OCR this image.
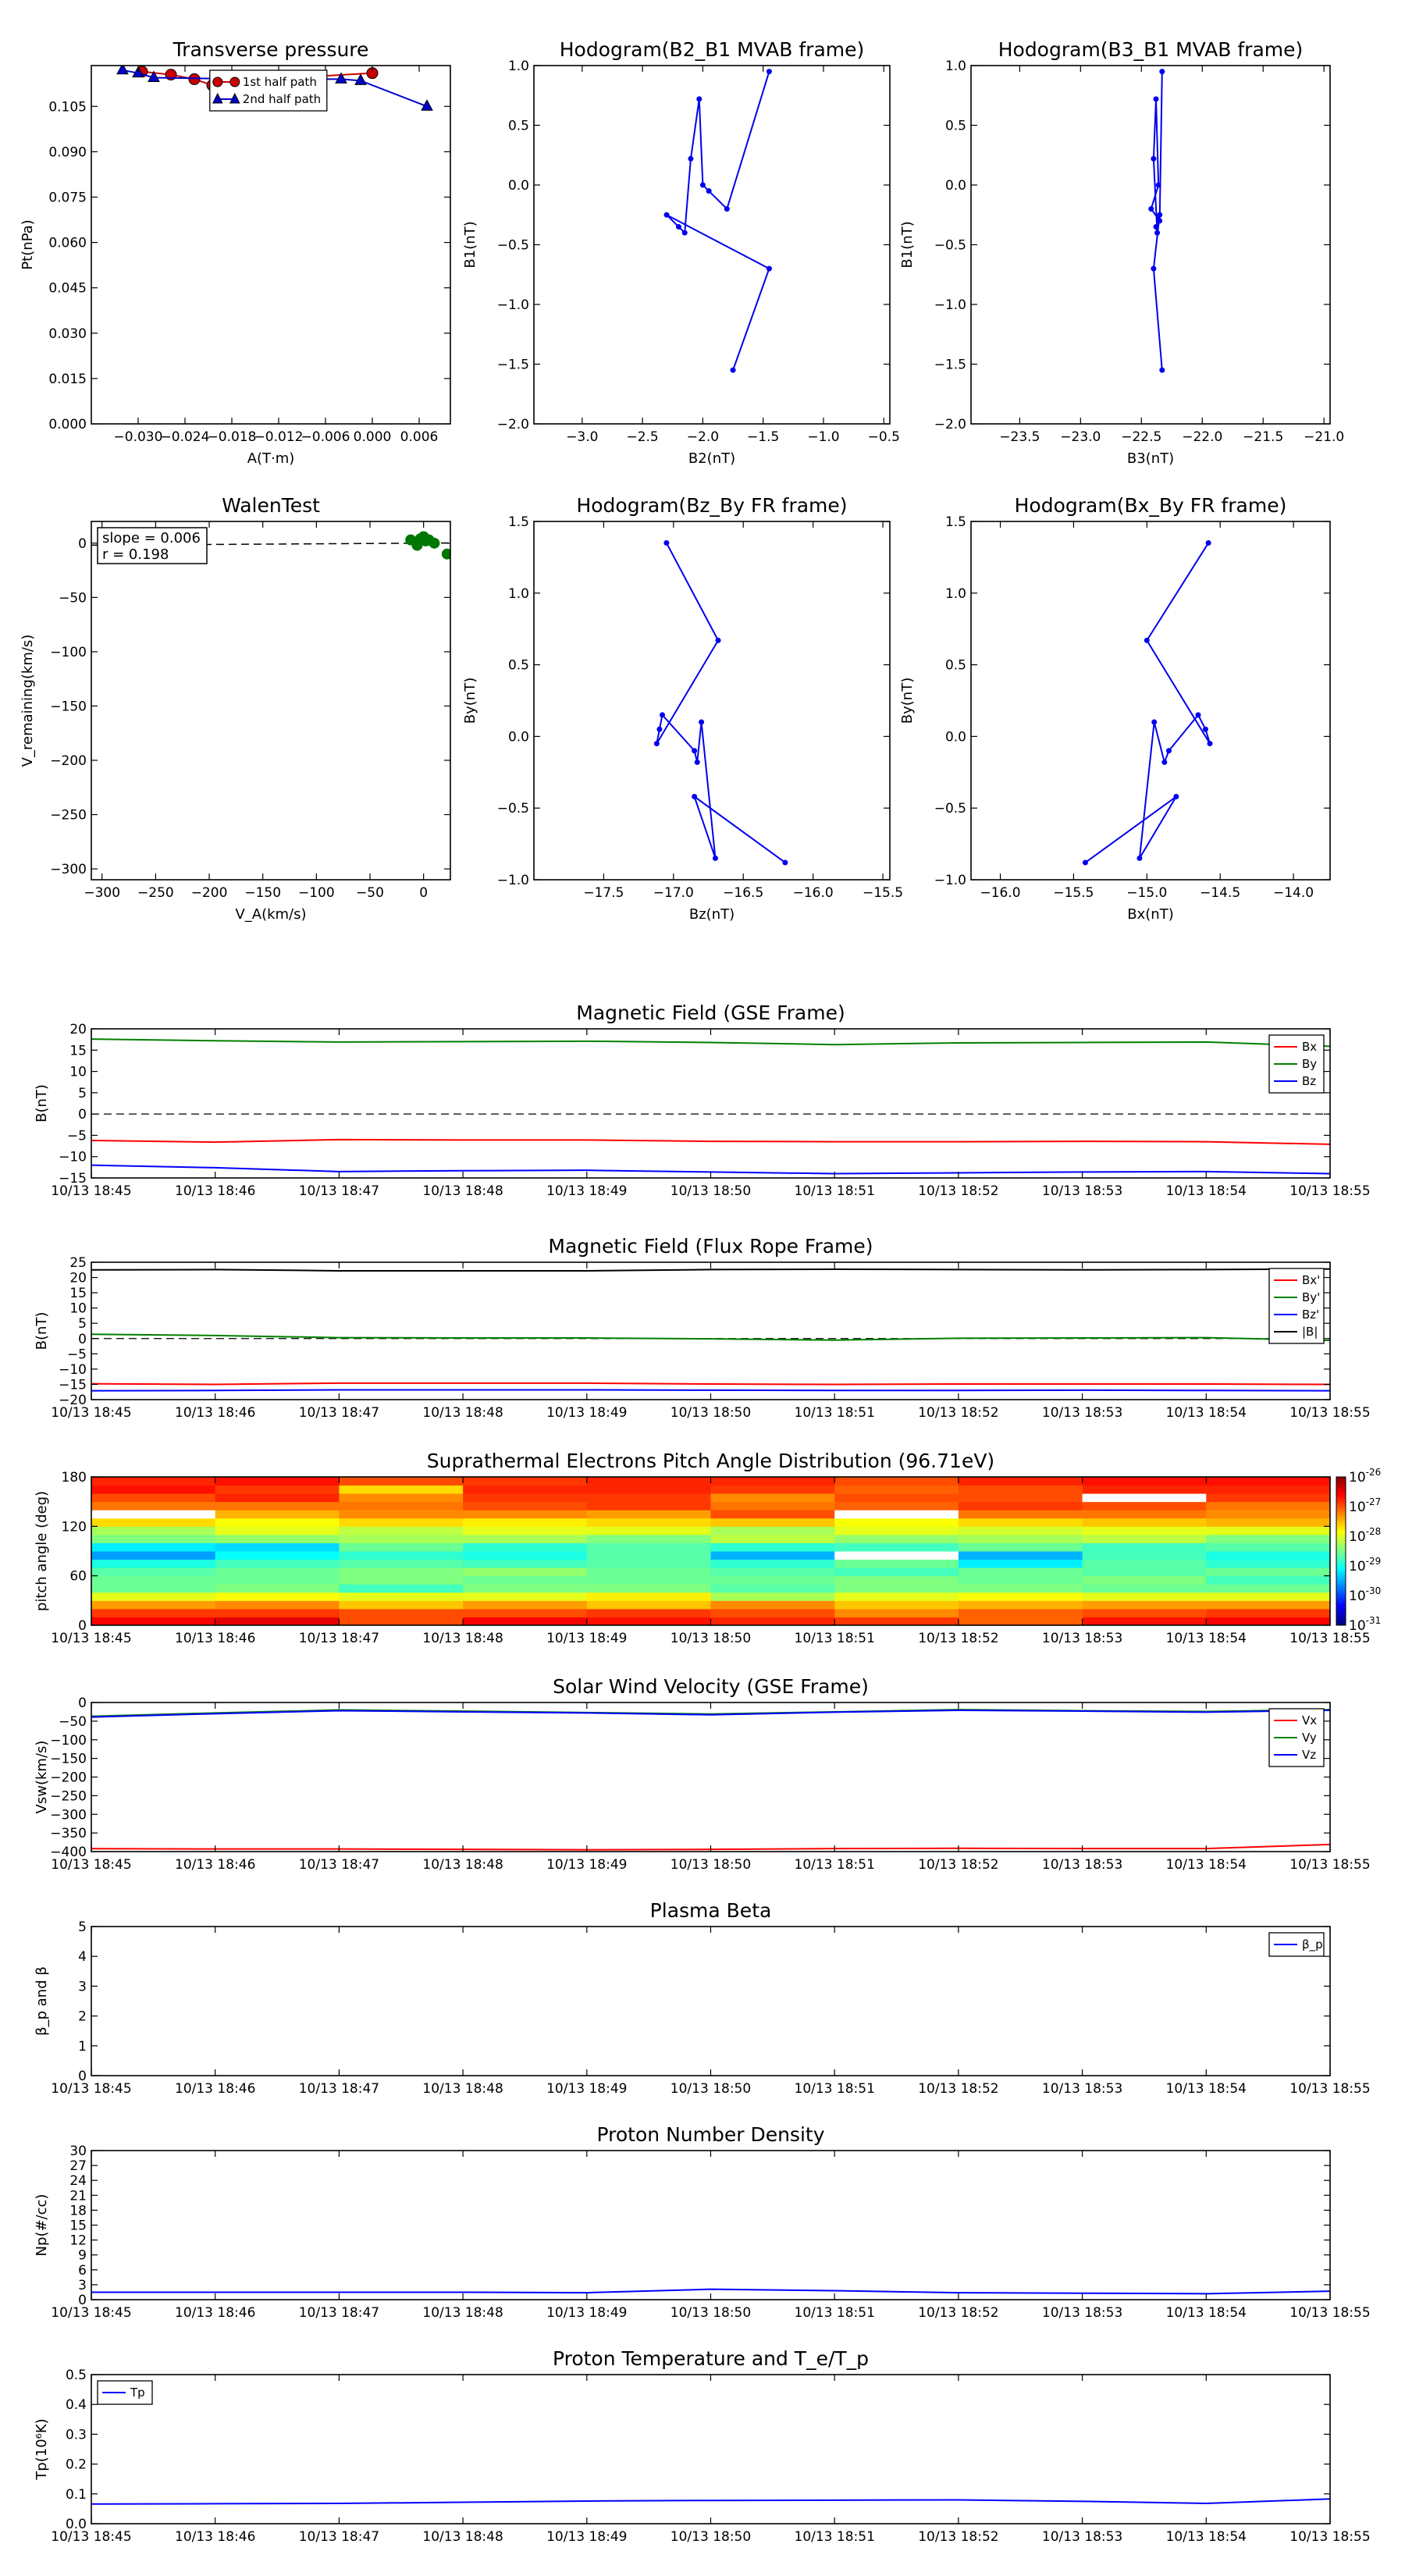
Transverse pressure
0.000
0.015
0.030
0.045
0.060
0.075
0.090
0.105
−0.030
−0.024
−0.018
−0.012
−0.006 0.000 0.006
A(T·m)
Pt(nPa)
1st half path
2nd half path
Hodogram(B2_B1 MVAB frame)
−2.0
−1.5
−1.0
−0.5
0.0
0.5
1.0
−3.0 −2.5 −2.0 −1.5 −1.0 −0.5
B2(nT)
B1(nT)
Hodogram(B3_B1 MVAB frame)
−2.0
−1.5
−1.0
−0.5
0.0
0.5
1.0
−23.5 −23.0 −22.5 −22.0 −21.5 −21.0
B3(nT)
B1(nT)
WalenTest
−300
−250
−200
−150
−100
−50
0
−300 −250 −200 −150 −100 −50	0
V_A(km/s)
V_remaining(km/s)
slope = 0.006
r = 0.198
Hodogram(Bz_By FR frame)
−1.0
−0.5
0.0
0.5
1.0
1.5
−17.5 −17.0 −16.5 −16.0 −15.5
Bz(nT)
By(nT)
Hodogram(Bx_By FR frame)
−1.0
−0.5
0.0
0.5
1.0
1.5
−16.0 −15.5 −15.0 −14.5 −14.0
Bx(nT)
By(nT)
Magnetic Field (GSE Frame)
−15
−10
−5
0
5
10
15
20
10/13 18:45	10/13 18:46	10/13 18:47	10/13 18:48	10/13 18:49	10/13 18:50	10/13 18:51	10/13 18:52	10/13 18:53	10/13 18:54	10/13 18:55
B(nT)
Bx
By
Bz
Magnetic Field (Flux Rope Frame)
−20
−15
−10
−5
0
5
10
15
20
25
10/13 18:45	10/13 18:46	10/13 18:47	10/13 18:48	10/13 18:49	10/13 18:50	10/13 18:51	10/13 18:52	10/13 18:53	10/13 18:54	10/13 18:55
B(nT)
Bx'
By'
Bz'
|B|
Suprathermal Electrons Pitch Angle Distribution (96.71eV)
$10^{-26}$
$10^{-27}$
$10^{-28}$
$10^{-29}$
$10^{-30}$
$10^{-31}$
0
60
120
180
10/13 18:45	10/13 18:46	10/13 18:47	10/13 18:48	10/13 18:49	10/13 18:50	10/13 18:51	10/13 18:52	10/13 18:53	10/13 18:54	10/13 18:55
pitch angle (deg)
Solar Wind Velocity (GSE Frame)
−400
−350
−300
−250
−200
−150
−100
−50
0
10/13 18:45	10/13 18:46	10/13 18:47	10/13 18:48	10/13 18:49	10/13 18:50	10/13 18:51	10/13 18:52	10/13 18:53	10/13 18:54	10/13 18:55
Vsw(km/s)
Vx
Vy
Vz
Plasma Beta
0
1
2
3
4
5
10/13 18:45	10/13 18:46	10/13 18:47	10/13 18:48	10/13 18:49	10/13 18:50	10/13 18:51	10/13 18:52	10/13 18:53	10/13 18:54	10/13 18:55
β_p and β
β_p
Proton Number Density
0
3
6
9
12
15
18
21
24
27
30
10/13 18:45	10/13 18:46	10/13 18:47	10/13 18:48	10/13 18:49	10/13 18:50	10/13 18:51	10/13 18:52	10/13 18:53	10/13 18:54	10/13 18:55
Np(#/cc)
Proton Temperature and T_e/T_p
0.0
0.1
0.2
0.3
0.4
0.5
10/13 18:45	10/13 18:46	10/13 18:47	10/13 18:48	10/13 18:49	10/13 18:50	10/13 18:51	10/13 18:52	10/13 18:53	10/13 18:54	10/13 18:55
Tp(10⁶K)
Tp
